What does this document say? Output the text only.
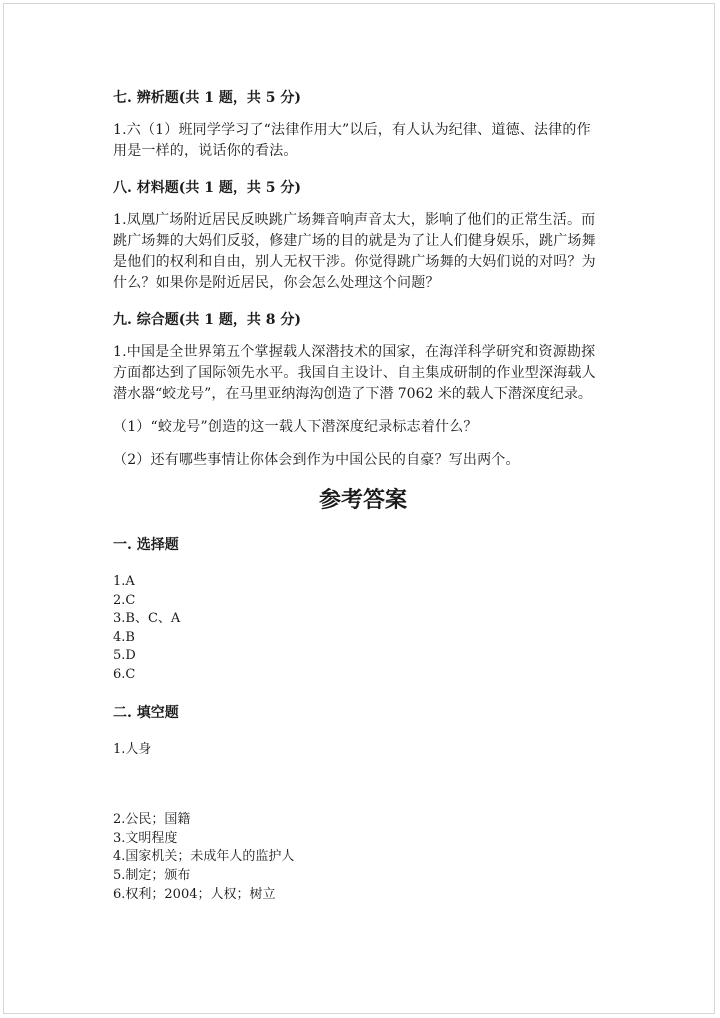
七. 辨析题(共 1 题，共 5 分)

1.六（1）班同学学习了“法律作用大”以后，有人认为纪律、道德、法律的作

用是一样的，说话你的看法。

八. 材料题(共 1 题，共 5 分)

1.凤凰广场附近居民反映跳广场舞音响声音太大，影响了他们的正常生活。而

跳广场舞的大妈们反驳，修建广场的目的就是为了让人们健身娱乐，跳广场舞

是他们的权利和自由，别人无权干涉。你觉得跳广场舞的大妈们说的对吗？为

什么？如果你是附近居民，你会怎么处理这个问题？

九. 综合题(共 1 题，共 8 分)

1.中国是全世界第五个掌握载人深潜技术的国家，在海洋科学研究和资源勘探

方面都达到了国际领先水平。我国自主设计、自主集成研制的作业型深海载人

潜水器“蛟龙号”，在马里亚纳海沟创造了下潜 7062 米的载人下潜深度纪录。

（1）“蛟龙号”创造的这一载人下潜深度纪录标志着什么？

（2）还有哪些事情让你体会到作为中国公民的自豪？写出两个。

参考答案

一. 选择题

1.A
2.C
3.B、C、A
4.B
5.D
6.C

二. 填空题

1.人身
2.公民；国籍
3.文明程度
4.国家机关；未成年人的监护人
5.制定；颁布
6.权利；2004；人权；树立
